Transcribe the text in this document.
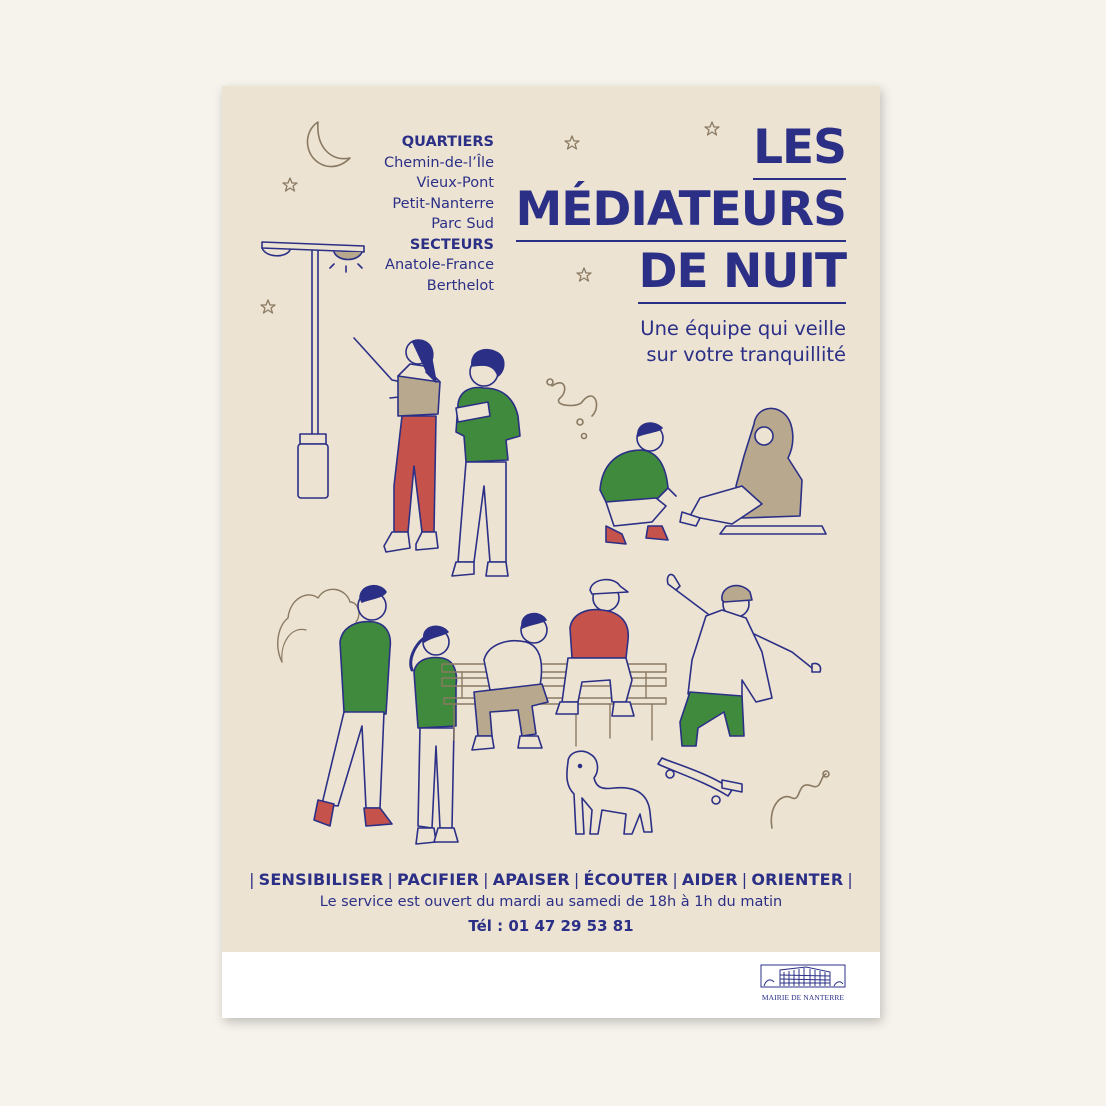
QUARTIERS
Chemin-de-l’Île
Vieux-Pont
Petit-Nanterre
Parc Sud
SECTEURS
Anatole-France
Berthelot
LES
MÉDIATEURS
DE NUIT
Une équipe qui veille
sur votre tranquillité
| SENSIBILISER | PACIFIER | APAISER | ÉCOUTER | AIDER | ORIENTER |
Le service est ouvert du mardi au samedi de 18h à 1h du matin
Tél : 01 47 29 53 81
MAIRIE DE NANTERRE
